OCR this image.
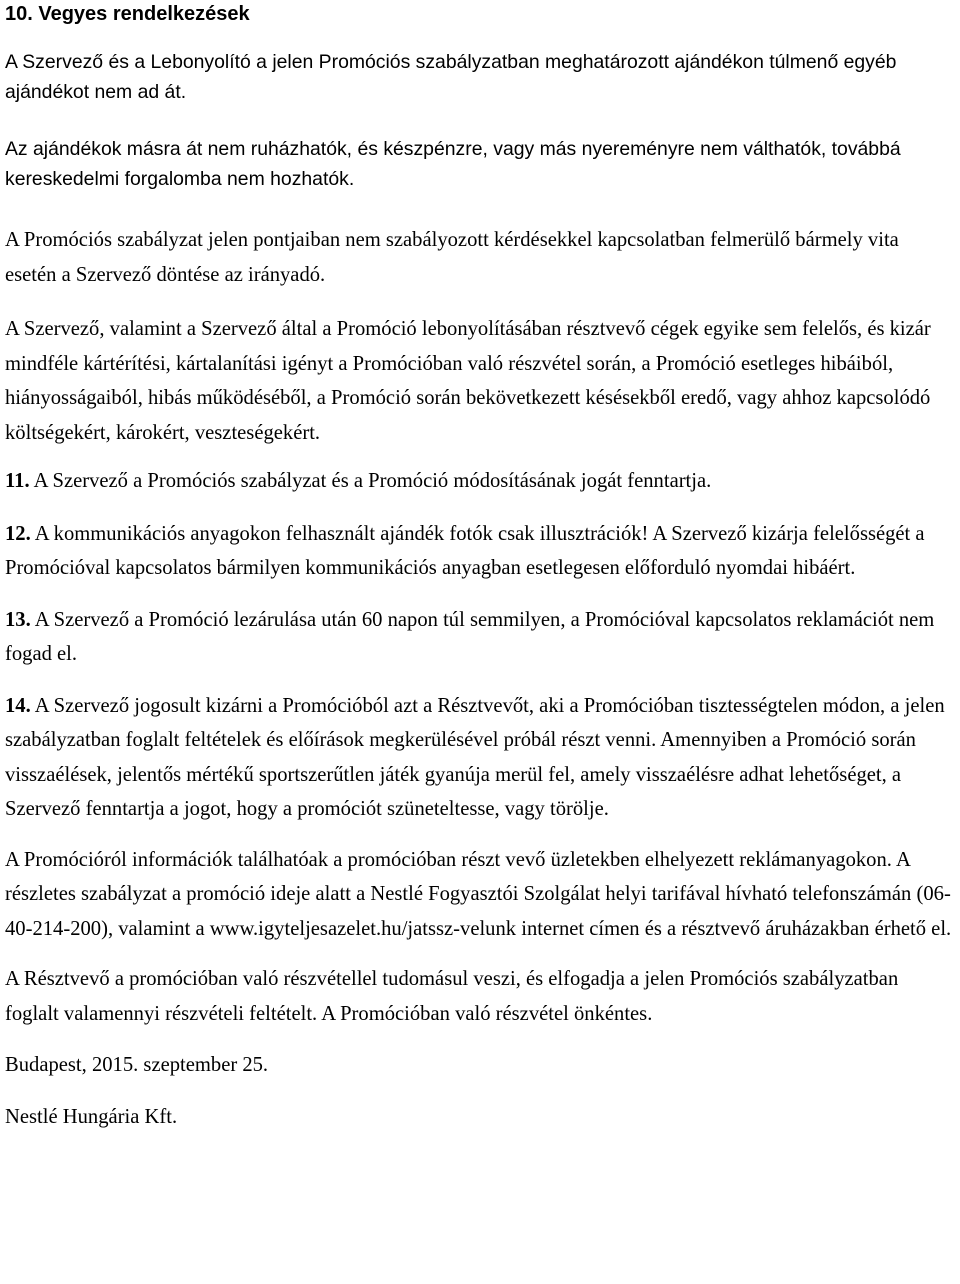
10. Vegyes rendelkezések

A Szervező és a Lebonyolító a jelen Promóciós szabályzatban meghatározott ajándékon túlmenő egyéb ajándékot nem ad át.

Az ajándékok másra át nem ruházhatók, és készpénzre, vagy más nyereményre nem válthatók, továbbá kereskedelmi forgalomba nem hozhatók.

A Promóciós szabályzat jelen pontjaiban nem szabályozott kérdésekkel kapcsolatban felmerülő bármely vita esetén a Szervező döntése az irányadó.

A Szervező, valamint a Szervező által a Promóció lebonyolításában résztvevő cégek egyike sem felelős, és kizár mindféle kártérítési, kártalanítási igényt a Promócióban való részvétel során, a Promóció esetleges hibáiból, hiányosságaiból, hibás működéséből, a Promóció során bekövetkezett késésekből eredő, vagy ahhoz kapcsolódó költségekért, károkért, veszteségekért.

11. A Szervező a Promóciós szabályzat és a Promóció módosításának jogát fenntartja.

12. A kommunikációs anyagokon felhasznált ajándék fotók csak illusztrációk! A Szervező kizárja felelősségét a Promócióval kapcsolatos bármilyen kommunikációs anyagban esetlegesen előforduló nyomdai hibáért.

13. A Szervező a Promóció lezárulása után 60 napon túl semmilyen, a Promócióval kapcsolatos reklamációt nem fogad el.

14. A Szervező jogosult kizárni a Promócióból azt a Résztvevőt, aki a Promócióban tisztességtelen módon, a jelen szabályzatban foglalt feltételek és előírások megkerülésével próbál részt venni. Amennyiben a Promóció során visszaélések, jelentős mértékű sportszerűtlen játék gyanúja merül fel, amely visszaélésre adhat lehetőséget, a Szervező fenntartja a jogot, hogy a promóciót szüneteltesse, vagy törölje.

A Promócióról információk találhatóak a promócióban részt vevő üzletekben elhelyezett reklámanyagokon. A részletes szabályzat a promóció ideje alatt a Nestlé Fogyasztói Szolgálat helyi tarifával hívható telefonszámán (06-40-214-200), valamint a www.igyteljesazelet.hu/jatssz-velunk internet címen és a résztvevő áruházakban érhető el.

A Résztvevő a promócióban való részvétellel tudomásul veszi, és elfogadja a jelen Promóciós szabályzatban foglalt valamennyi részvételi feltételt. A Promócióban való részvétel önkéntes.

Budapest, 2015. szeptember 25.

Nestlé Hungária Kft.
